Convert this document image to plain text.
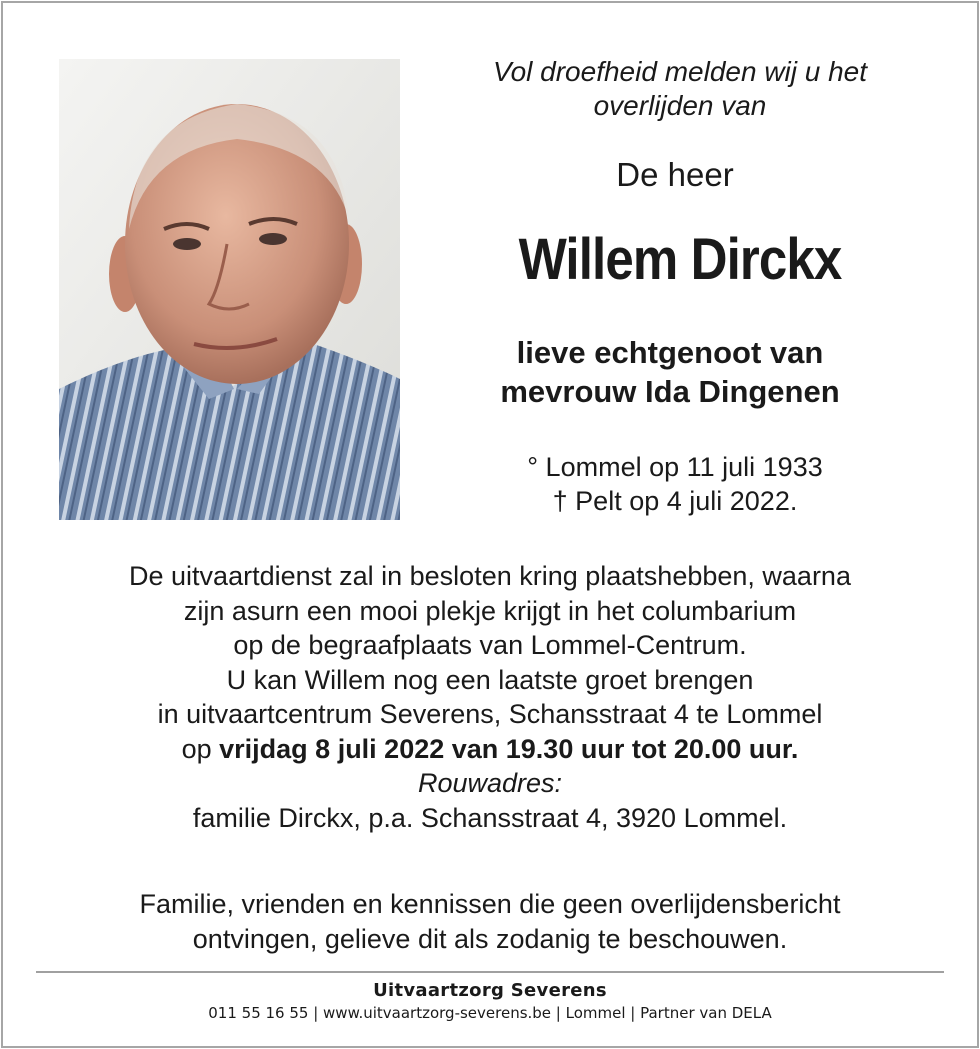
Vol droefheid melden wij u het
overlijden van
De heer
Willem Dirckx
lieve echtgenoot van
mevrouw Ida Dingenen
° Lommel op 11 juli 1933
† Pelt op 4 juli 2022.
De uitvaartdienst zal in besloten kring plaatshebben, waarna
zijn asurn een mooi plekje krijgt in het columbarium
op de begraafplaats van Lommel-Centrum.
U kan Willem nog een laatste groet brengen
in uitvaartcentrum Severens, Schansstraat 4 te Lommel
op vrijdag 8 juli 2022 van 19.30 uur tot 20.00 uur.
Rouwadres:
familie Dirckx, p.a. Schansstraat 4, 3920 Lommel.
Familie, vrienden en kennissen die geen overlijdensbericht
ontvingen, gelieve dit als zodanig te beschouwen.
Uitvaartzorg Severens
011 55 16 55 | www.uitvaartzorg-severens.be | Lommel | Partner van DELA
